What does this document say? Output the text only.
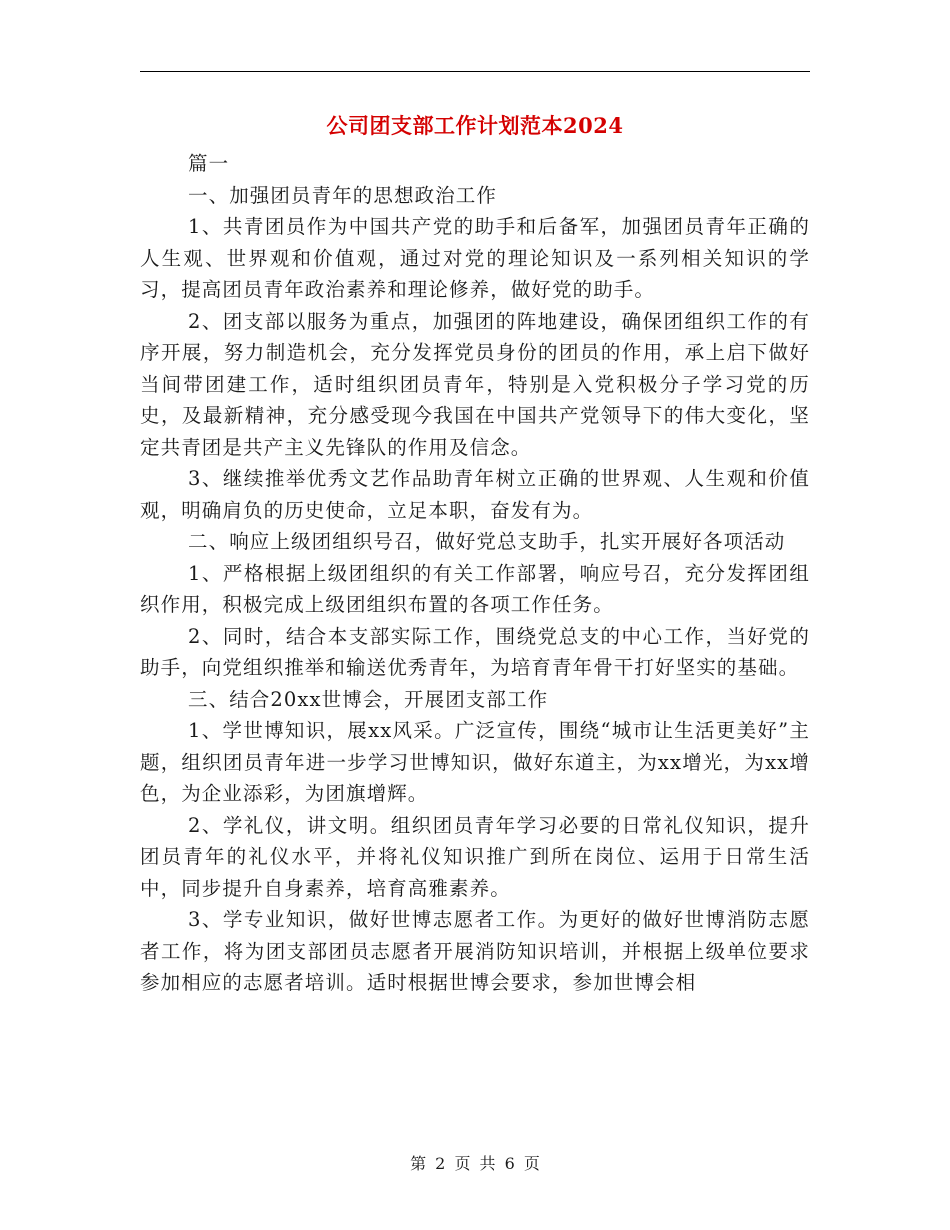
公司团支部工作计划范本2024

篇一

一、加强团员青年的思想政治工作

1、共青团员作为中国共产党的助手和后备军，加强团员青年正确的人生观、世界观和价值观，通过对党的理论知识及一系列相关知识的学习，提高团员青年政治素养和理论修养，做好党的助手。

2、团支部以服务为重点，加强团的阵地建设，确保团组织工作的有序开展，努力制造机会，充分发挥党员身份的团员的作用，承上启下做好当间带团建工作，适时组织团员青年，特别是入党积极分子学习党的历史，及最新精神，充分感受现今我国在中国共产党领导下的伟大变化，坚定共青团是共产主义先锋队的作用及信念。

3、继续推举优秀文艺作品助青年树立正确的世界观、人生观和价值观，明确肩负的历史使命，立足本职，奋发有为。

二、响应上级团组织号召，做好党总支助手，扎实开展好各项活动

1、严格根据上级团组织的有关工作部署，响应号召，充分发挥团组织作用，积极完成上级团组织布置的各项工作任务。

2、同时，结合本支部实际工作，围绕党总支的中心工作，当好党的助手，向党组织推举和输送优秀青年，为培育青年骨干打好坚实的基础。

三、结合20xx世博会，开展团支部工作

1、学世博知识，展xx风采。广泛宣传，围绕“城市让生活更美好”主题，组织团员青年进一步学习世博知识，做好东道主，为xx增光，为xx增色，为企业添彩，为团旗增辉。

2、学礼仪，讲文明。组织团员青年学习必要的日常礼仪知识，提升团员青年的礼仪水平，并将礼仪知识推广到所在岗位、运用于日常生活中，同步提升自身素养，培育高雅素养。

3、学专业知识，做好世博志愿者工作。为更好的做好世博消防志愿者工作，将为团支部团员志愿者开展消防知识培训，并根据上级单位要求参加相应的志愿者培训。适时根据世博会要求，参加世博会相

第 2 页 共 6 页
